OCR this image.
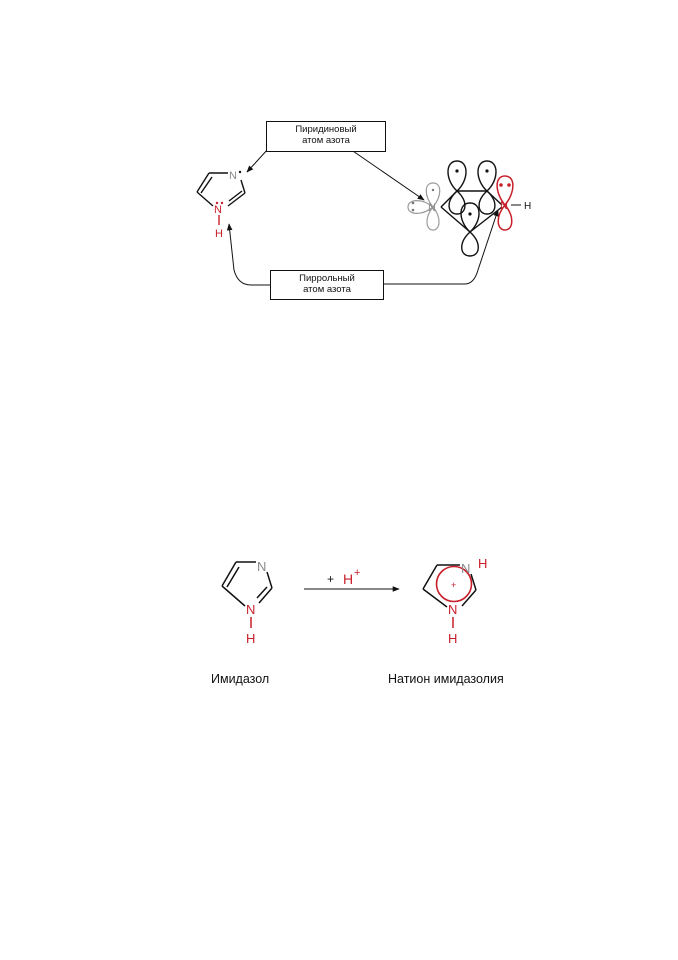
N
N
H
N	N H
N
N
H
+ H +
+
N H
N
H
Пиридиновый
атом азота
Пиррольный
атом азота
Имидазол	Натион имидазолия
